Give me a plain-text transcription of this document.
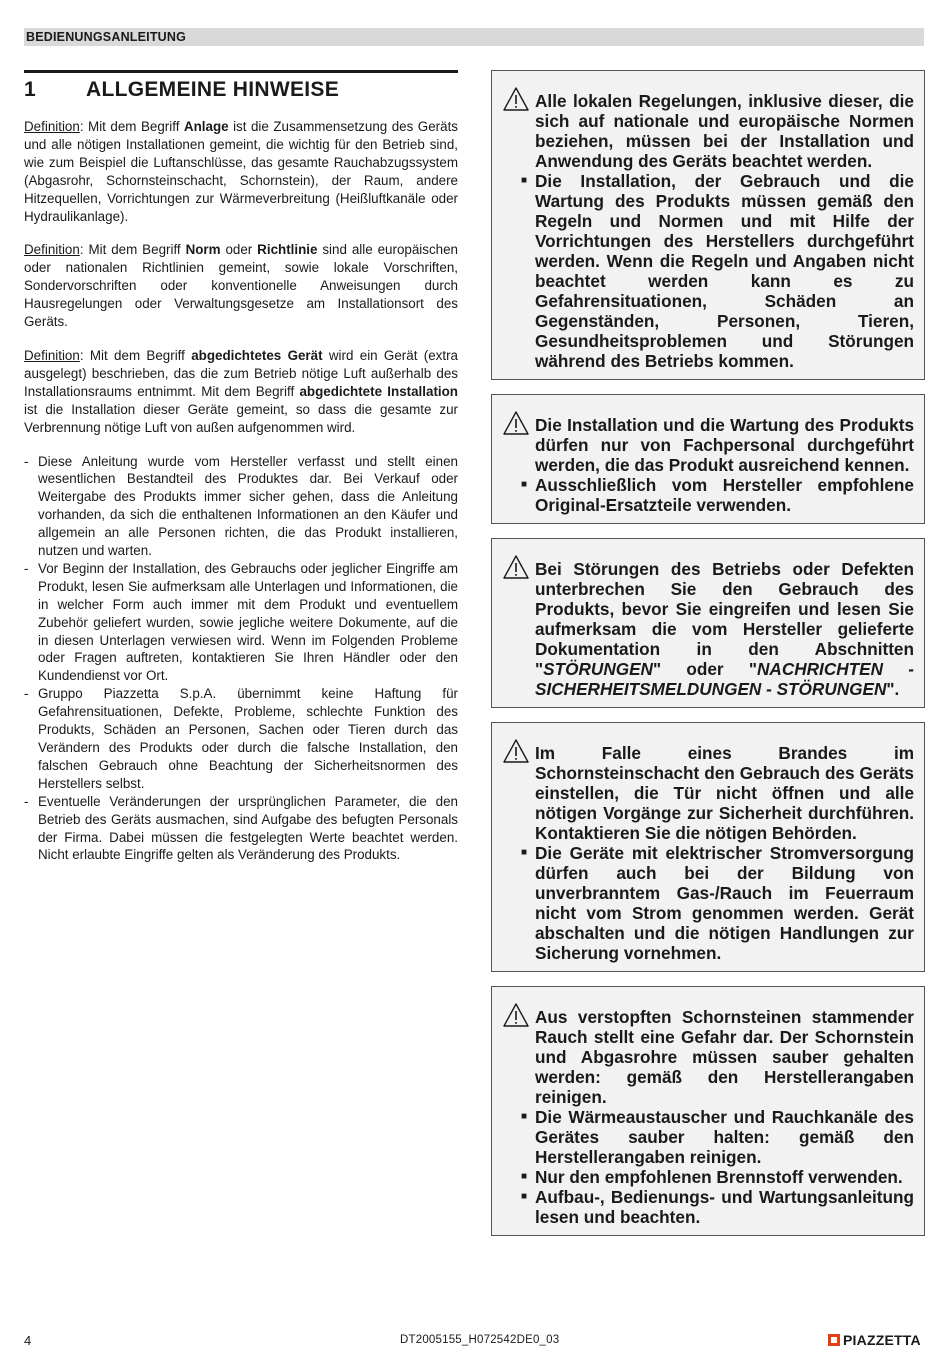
BEDIENUNGSANLEITUNG
1	ALLGEMEINE HINWEISE
Definition: Mit dem Begriff Anlage ist die Zusammensetzung des Geräts und alle nötigen Installationen gemeint, die wichtig für den Betrieb sind, wie zum Beispiel die Luftanschlüsse, das gesamte Rauchabzugssystem (Abgasrohr, Schornsteinschacht, Schornstein), der Raum, andere Hitzequellen, Vorrichtungen zur Wärmeverbreitung (Heißluftkanäle oder Hydraulikanlage).
Definition: Mit dem Begriff Norm oder Richtlinie sind alle europäischen oder nationalen Richtlinien gemeint, sowie lokale Vorschriften, Sondervorschriften oder konventionelle Anweisungen durch Hausregelungen oder Verwaltungsgesetze am Installationsort des Geräts.
Definition: Mit dem Begriff abgedichtetes Gerät wird ein Gerät (extra ausgelegt) beschrieben, das die zum Betrieb nötige Luft außerhalb des Installationsraums entnimmt. Mit dem Begriff abgedichtete Installation ist die Installation dieser Geräte gemeint, so dass die gesamte zur Verbrennung nötige Luft von außen aufgenommen wird.
- Diese Anleitung wurde vom Hersteller verfasst und stellt einen wesentlichen Bestandteil des Produktes dar. Bei Verkauf oder Weitergabe des Produkts immer sicher gehen, dass die Anleitung vorhanden, da sich die enthaltenen Informationen an den Käufer und allgemein an alle Personen richten, die das Produkt installieren, nutzen und warten.
- Vor Beginn der Installation, des Gebrauchs oder jeglicher Eingriffe am Produkt, lesen Sie aufmerksam alle Unterlagen und Informationen, die in welcher Form auch immer mit dem Produkt und eventuellem Zubehör geliefert wurden, sowie jegliche weitere Dokumente, auf die in diesen Unterlagen verwiesen wird. Wenn im Folgenden Probleme oder Fragen auftreten, kontaktieren Sie Ihren Händler oder den Kundendienst vor Ort.
- Gruppo Piazzetta S.p.A. übernimmt keine Haftung für Gefahrensituationen, Defekte, Probleme, schlechte Funktion des Produkts, Schäden an Personen, Sachen oder Tieren durch das Verändern des Produkts oder durch die falsche Installation, den falschen Gebrauch ohne Beachtung der Sicherheitsnormen des Herstellers selbst.
- Eventuelle Veränderungen der ursprünglichen Parameter, die den Betrieb des Geräts ausmachen, sind Aufgabe des befugten Personals der Firma. Dabei müssen die festgelegten Werte beachtet werden. Nicht erlaubte Eingriffe gelten als Veränderung des Produkts.

Alle lokalen Regelungen, inklusive dieser, die sich auf nationale und europäische Normen beziehen, müssen bei der Installation und Anwendung des Geräts beachtet werden.

■ Die Installation, der Gebrauch und die Wartung des Produkts müssen gemäß den Regeln und Normen und mit Hilfe der Vorrichtungen des Herstellers durchgeführt werden. Wenn die Regeln und Angaben nicht beachtet werden kann es zu Gefahrensituationen, Schäden an Gegenständen, Personen, Tieren, Gesundheitsproblemen und Störungen während des Betriebs kommen.

Die Installation und die Wartung des Produkts dürfen nur von Fachpersonal durchgeführt werden, die das Produkt ausreichend kennen.

■ Ausschließlich vom Hersteller empfohlene Original-Ersatzteile verwenden.

Bei Störungen des Betriebs oder Defekten unterbrechen Sie den Gebrauch des Produkts, bevor Sie eingreifen und lesen Sie aufmerksam die vom Hersteller gelieferte Dokumentation in den Abschnitten "STÖRUNGEN" oder "NACHRICHTEN - SICHERHEITSMELDUNGEN - STÖRUNGEN".

Im Falle eines Brandes im Schornsteinschacht den Gebrauch des Geräts einstellen, die Tür nicht öffnen und alle nötigen Vorgänge zur Sicherheit durchführen. Kontaktieren Sie die nötigen Behörden.

■ Die Geräte mit elektrischer Stromversorgung dürfen auch bei der Bildung von unverbranntem Gas-/Rauch im Feuerraum nicht vom Strom genommen werden. Gerät abschalten und die nötigen Handlungen zur Sicherung vornehmen.

Aus verstopften Schornsteinen stammender Rauch stellt eine Gefahr dar. Der Schornstein und Abgasrohre müssen sauber gehalten werden: gemäß den Herstellerangaben reinigen.

■ Die Wärmeaustauscher und Rauchkanäle des Gerätes sauber halten: gemäß den Herstellerangaben reinigen.

■ Nur den empfohlenen Brennstoff verwenden.

■ Aufbau-, Bedienungs- und Wartungsanleitung lesen und beachten.

4	DT2005155_H072542DE0_03	PIAZZETTA
